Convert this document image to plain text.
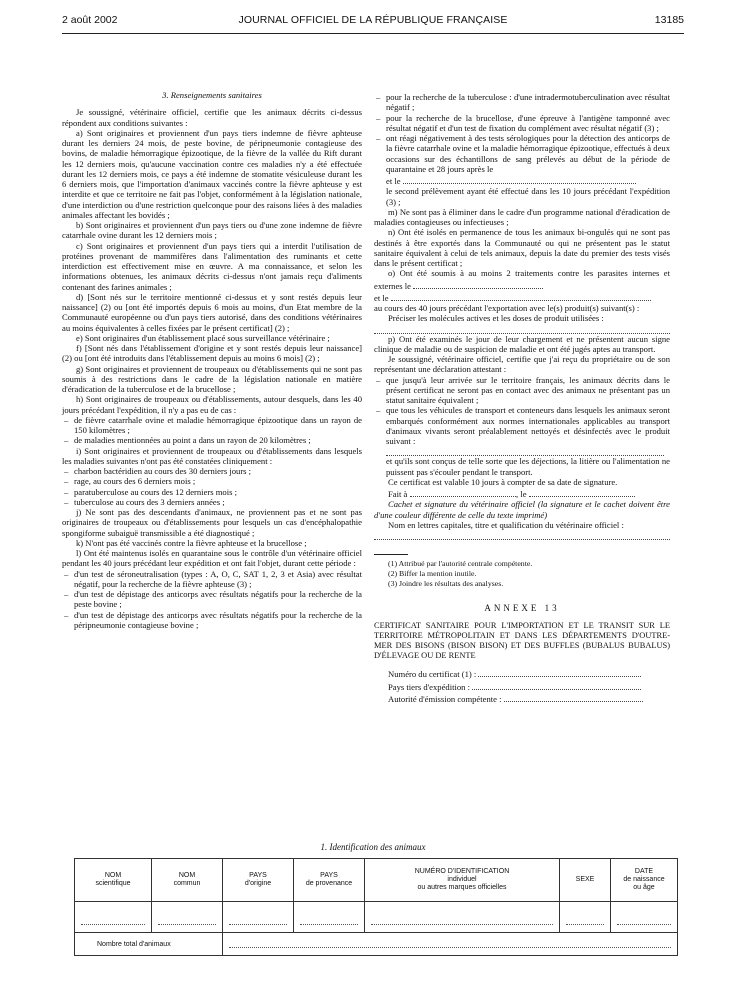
2 août 2002	JOURNAL OFFICIEL DE LA RÉPUBLIQUE FRANÇAISE	13185

3. Renseignements sanitaires

Je soussigné, vétérinaire officiel, certifie que les animaux décrits ci-dessus répondent aux conditions suivantes :

a) Sont originaires et proviennent d'un pays tiers indemne de fièvre aphteuse durant les derniers 24 mois, de peste bovine, de péripneumonie contagieuse des bovins, de maladie hémorragique épizootique, de la fièvre de la vallée du Rift durant les 12 derniers mois, qu'aucune vaccination contre ces maladies n'y a été effectuée durant les 12 derniers mois, ce pays a été indemne de stomatite vésiculeuse durant les 6 derniers mois, que l'importation d'animaux vaccinés contre la fièvre aphteuse y est interdite et que ce territoire ne fait pas l'objet, conformément à la législation nationale, d'une interdiction ou d'une restriction quelconque pour des raisons liées à des maladies animales affectant les bovidés ;

b) Sont originaires et proviennent d'un pays tiers ou d'une zone indemne de fièvre catarrhale ovine durant les 12 derniers mois ;

c) Sont originaires et proviennent d'un pays tiers qui a interdit l'utilisation de protéines provenant de mammifères dans l'alimentation des ruminants et cette interdiction est effectivement mise en œuvre. A ma connaissance, et selon les informations obtenues, les animaux décrits ci-dessus n'ont jamais reçu d'aliments contenant des farines animales ;

d) [Sont nés sur le territoire mentionné ci-dessus et y sont restés depuis leur naissance] (2) ou [ont été importés depuis 6 mois au moins, d'un Etat membre de la Communauté européenne ou d'un pays tiers autorisé, dans des conditions vétérinaires au moins équivalentes à celles fixées par le présent certificat] (2) ;

e) Sont originaires d'un établissement placé sous surveillance vétérinaire ;

f) [Sont nés dans l'établissement d'origine et y sont restés depuis leur naissance] (2) ou [ont été introduits dans l'établissement depuis au moins 6 mois] (2) ;

g) Sont originaires et proviennent de troupeaux ou d'établissements qui ne sont pas soumis à des restrictions dans le cadre de la législation nationale en matière d'éradication de la tuberculose et de la brucellose ;

h) Sont originaires de troupeaux ou d'établissements, autour desquels, dans les 40 jours précédant l'expédition, il n'y a pas eu de cas :

– de fièvre catarrhale ovine et maladie hémorragique épizootique dans un rayon de 150 kilomètres ;
– de maladies mentionnées au point a dans un rayon de 20 kilomètres ;

i) Sont originaires et proviennent de troupeaux ou d'établissements dans lesquels les maladies suivantes n'ont pas été constatées cliniquement :

– charbon bactéridien au cours des 30 derniers jours ;
– rage, au cours des 6 derniers mois ;
– paratuberculose au cours des 12 derniers mois ;
– tuberculose au cours des 3 derniers années ;

j) Ne sont pas des descendants d'animaux, ne proviennent pas et ne sont pas originaires de troupeaux ou d'établissements pour lesquels un cas d'encéphalopathie spongiforme subaiguë transmissible a été diagnostiqué ;

k) N'ont pas été vaccinés contre la fièvre aphteuse et la brucellose ;

l) Ont été maintenus isolés en quarantaine sous le contrôle d'un vétérinaire officiel pendant les 40 jours précédant leur expédition et ont fait l'objet, durant cette période :

– d'un test de séroneutralisation (types : A, O, C, SAT 1, 2, 3 et Asia) avec résultat négatif, pour la recherche de la fièvre aphteuse (3) ;
– d'un test de dépistage des anticorps avec résultats négatifs pour la recherche de la peste bovine ;
– d'un test de dépistage des anticorps avec résultats négatifs pour la recherche de la péripneumonie contagieuse bovine ;
– pour la recherche de la tuberculose : d'une intradermotuberculination avec résultat négatif ;
– pour la recherche de la brucellose, d'une épreuve à l'antigène tamponné avec résultat négatif et d'un test de fixation du complément avec résultat négatif (3) ;
– ont réagi négativement à des tests sérologiques pour la détection des anticorps de la fièvre catarrhale ovine et la maladie hémorragique épizootique, effectués à deux occasions sur des échantillons de sang prélevés au début de la période de quarantaine et 28 jours après le

et le

le second prélèvement ayant été effectué dans les 10 jours précédant l'expédition (3) ;

m) Ne sont pas à éliminer dans le cadre d'un programme national d'éradication de maladies contagieuses ou infectieuses ;

n) Ont été isolés en permanence de tous les animaux bi-ongulés qui ne sont pas destinés à être exportés dans la Communauté ou qui ne présentent pas le statut sanitaire équivalent à celui de tels animaux, depuis la date du premier des tests visés dans le présent certificat ;

o) Ont été soumis à au moins 2 traitements contre les parasites internes et externes le

et le

au cours des 40 jours précédant l'exportation avec le(s) produit(s) suivant(s) :

Préciser les molécules actives et les doses de produit utilisées :

p) Ont été examinés le jour de leur chargement et ne présentent aucun signe clinique de maladie ou de suspicion de maladie et ont été jugés aptes au transport.

Je soussigné, vétérinaire officiel, certifie que j'ai reçu du propriétaire ou de son représentant une déclaration attestant :

– que jusqu'à leur arrivée sur le territoire français, les animaux décrits dans le présent certificat ne seront pas en contact avec des animaux ne présentant pas un statut sanitaire équivalent ;
– que tous les véhicules de transport et conteneurs dans lesquels les animaux seront embarqués conformément aux normes internationales applicables au transport d'animaux vivants seront préalablement nettoyés et désinfectés avec le produit suivant :

et qu'ils sont conçus de telle sorte que les déjections, la litière ou l'alimentation ne puissent pas s'écouler pendant le transport.

Ce certificat est valable 10 jours à compter de sa date de signature.

Fait à	, le

Cachet et signature du vétérinaire officiel (la signature et le cachet doivent être d'une couleur différente de celle du texte imprimé)

Nom en lettres capitales, titre et qualification du vétérinaire officiel :

(1) Attribué par l'autorité centrale compétente.

(2) Biffer la mention inutile.

(3) Joindre les résultats des analyses.

ANNEXE 13

CERTIFICAT SANITAIRE POUR L'IMPORTATION ET LE TRANSIT SUR LE TERRITOIRE MÉTROPOLITAIN ET DANS LES DÉPARTEMENTS D'OUTRE-MER DES BISONS (BISON BISON) ET DES BUFFLES (BUBALUS BUBALUS) D'ÉLEVAGE OU DE RENTE

Numéro du certificat (1) :

Pays tiers d'expédition :

Autorité d'émission compétente :

1. Identification des animaux
NOM
scientifique	NOM
commun	PAYS
d'origine	PAYS
de provenance	NUMÉRO D'IDENTIFICATION
individuel
ou autres marques officielles	SEXE	DATE
de naissance
ou âge

Nombre total d'animaux						
